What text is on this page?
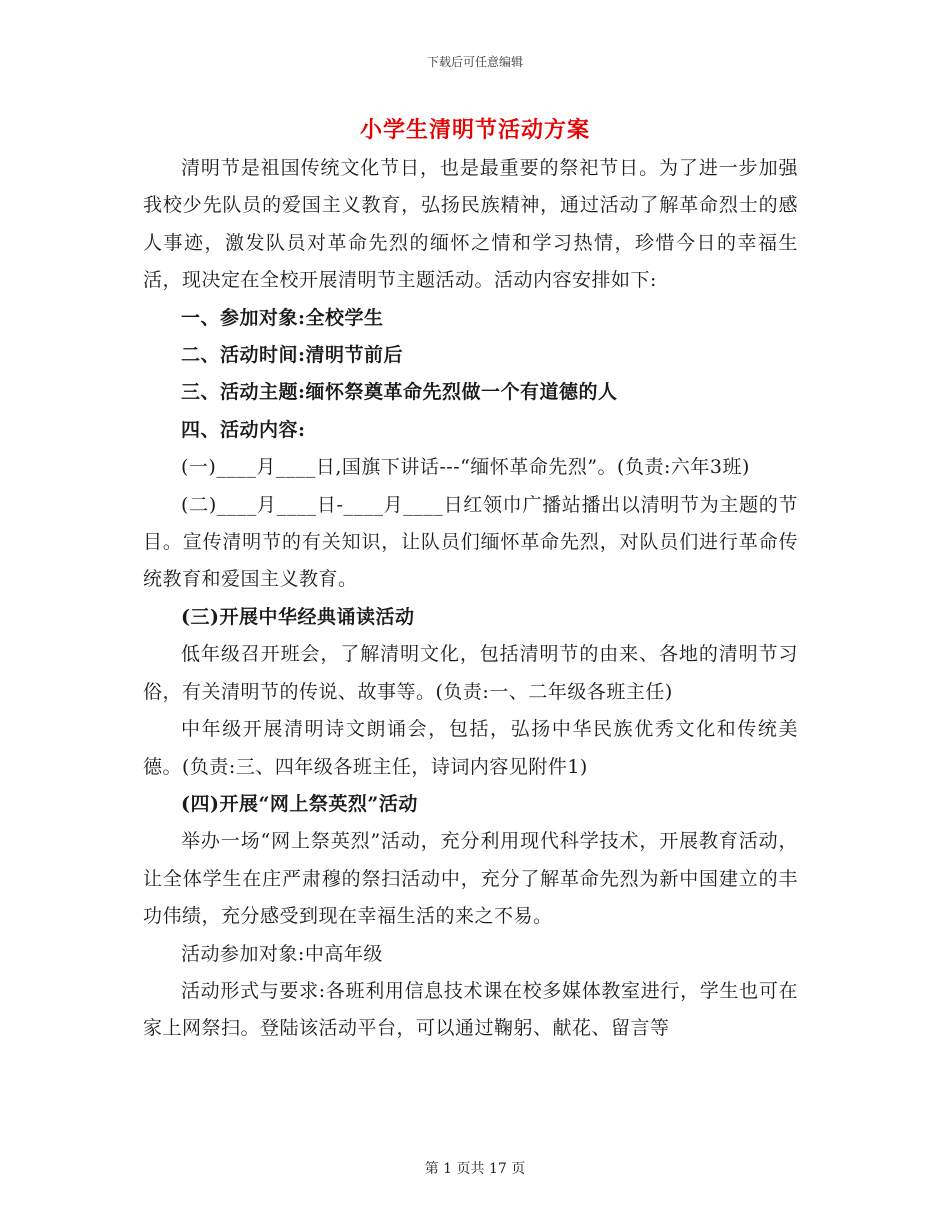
下载后可任意编辑
小学生清明节活动方案

清明节是祖国传统文化节日，也是最重要的祭祀节日。为了进一步加强我校少先队员的爱国主义教育，弘扬民族精神，通过活动了解革命烈士的感人事迹，激发队员对革命先烈的缅怀之情和学习热情，珍惜今日的幸福生活，现决定在全校开展清明节主题活动。活动内容安排如下:

一、参加对象:全校学生

二、活动时间:清明节前后

三、活动主题:缅怀祭奠革命先烈做一个有道德的人

四、活动内容:

(一)____月____日,国旗下讲话---“缅怀革命先烈”。(负责:六年3班)

(二)____月____日-____月____日红领巾广播站播出以清明节为主题的节目。宣传清明节的有关知识，让队员们缅怀革命先烈，对队员们进行革命传统教育和爱国主义教育。

(三)开展中华经典诵读活动

低年级召开班会，了解清明文化，包括清明节的由来、各地的清明节习俗，有关清明节的传说、故事等。(负责:一、二年级各班主任)

中年级开展清明诗文朗诵会，包括，弘扬中华民族优秀文化和传统美德。(负责:三、四年级各班主任，诗词内容见附件1)

(四)开展“网上祭英烈”活动

举办一场“网上祭英烈”活动，充分利用现代科学技术，开展教育活动，让全体学生在庄严肃穆的祭扫活动中，充分了解革命先烈为新中国建立的丰功伟绩，充分感受到现在幸福生活的来之不易。

活动参加对象:中高年级

活动形式与要求:各班利用信息技术课在校多媒体教室进行，学生也可在家上网祭扫。登陆该活动平台，可以通过鞠躬、献花、留言等

第 1 页共 17 页
